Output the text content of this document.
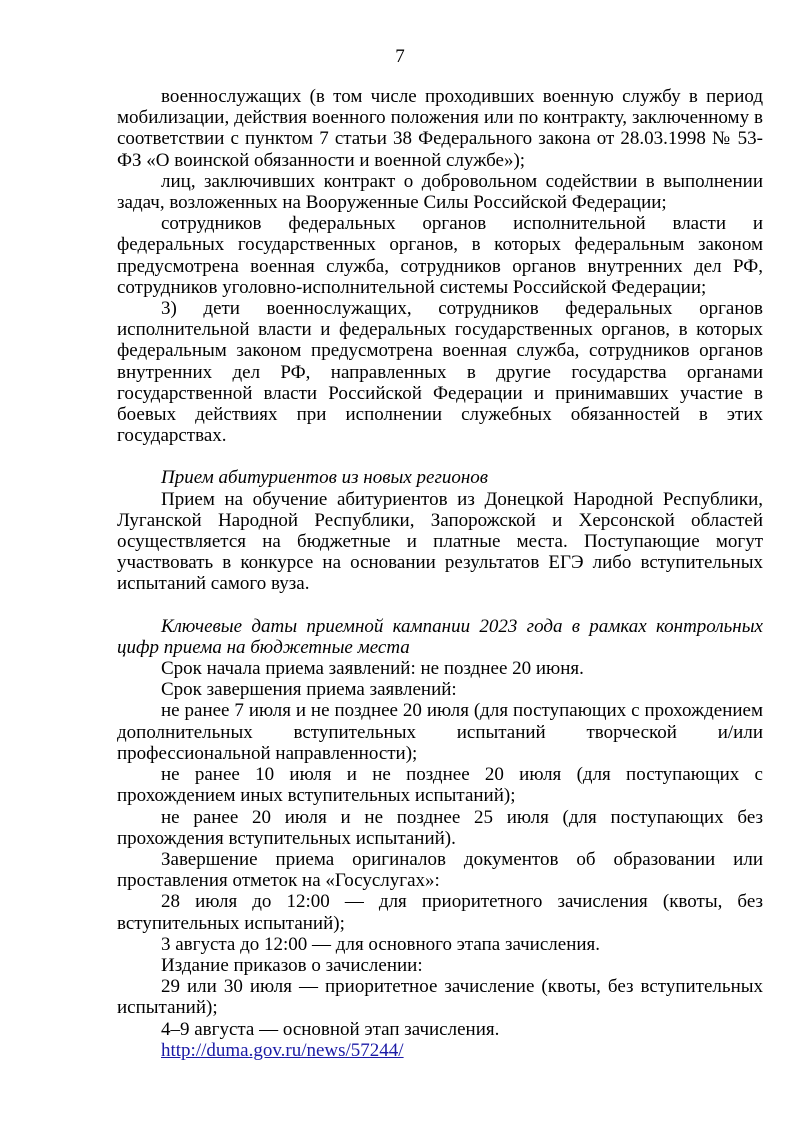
7

военнослужащих (в том числе проходивших военную службу в период мобилизации, действия военного положения или по контракту, заключенному в соответствии с пунктом 7 статьи 38 Федерального закона от 28.03.1998 № 53-ФЗ «О воинской обязанности и военной службе»);

лиц, заключивших контракт о добровольном содействии в выполнении задач, возложенных на Вооруженные Силы Российской Федерации;

сотрудников федеральных органов исполнительной власти и федеральных государственных органов, в которых федеральным законом предусмотрена военная служба, сотрудников органов внутренних дел РФ, сотрудников уголовно-исполнительной системы Российской Федерации;

3) дети военнослужащих, сотрудников федеральных органов исполнительной власти и федеральных государственных органов, в которых федеральным законом предусмотрена военная служба, сотрудников органов внутренних дел РФ, направленных в другие государства органами государственной власти Российской Федерации и принимавших участие в боевых действиях при исполнении служебных обязанностей в этих государствах.

Прием абитуриентов из новых регионов

Прием на обучение абитуриентов из Донецкой Народной Республики, Луганской Народной Республики, Запорожской и Херсонской областей осуществляется на бюджетные и платные места. Поступающие могут участвовать в конкурсе на основании результатов ЕГЭ либо вступительных испытаний самого вуза.

Ключевые даты приемной кампании 2023 года в рамках контрольных цифр приема на бюджетные места

Срок начала приема заявлений: не позднее 20 июня.

Срок завершения приема заявлений:

не ранее 7 июля и не позднее 20 июля (для поступающих с прохождением дополнительных вступительных испытаний творческой и/или профессиональной направленности);

не ранее 10 июля и не позднее 20 июля (для поступающих с прохождением иных вступительных испытаний);

не ранее 20 июля и не позднее 25 июля (для поступающих без прохождения вступительных испытаний).

Завершение приема оригиналов документов об образовании или проставления отметок на «Госуслугах»:

28 июля до 12:00 — для приоритетного зачисления (квоты, без вступительных испытаний);

3 августа до 12:00 — для основного этапа зачисления.

Издание приказов о зачислении:

29 или 30 июля — приоритетное зачисление (квоты, без вступительных испытаний);

4–9 августа — основной этап зачисления.

http://duma.gov.ru/news/57244/
